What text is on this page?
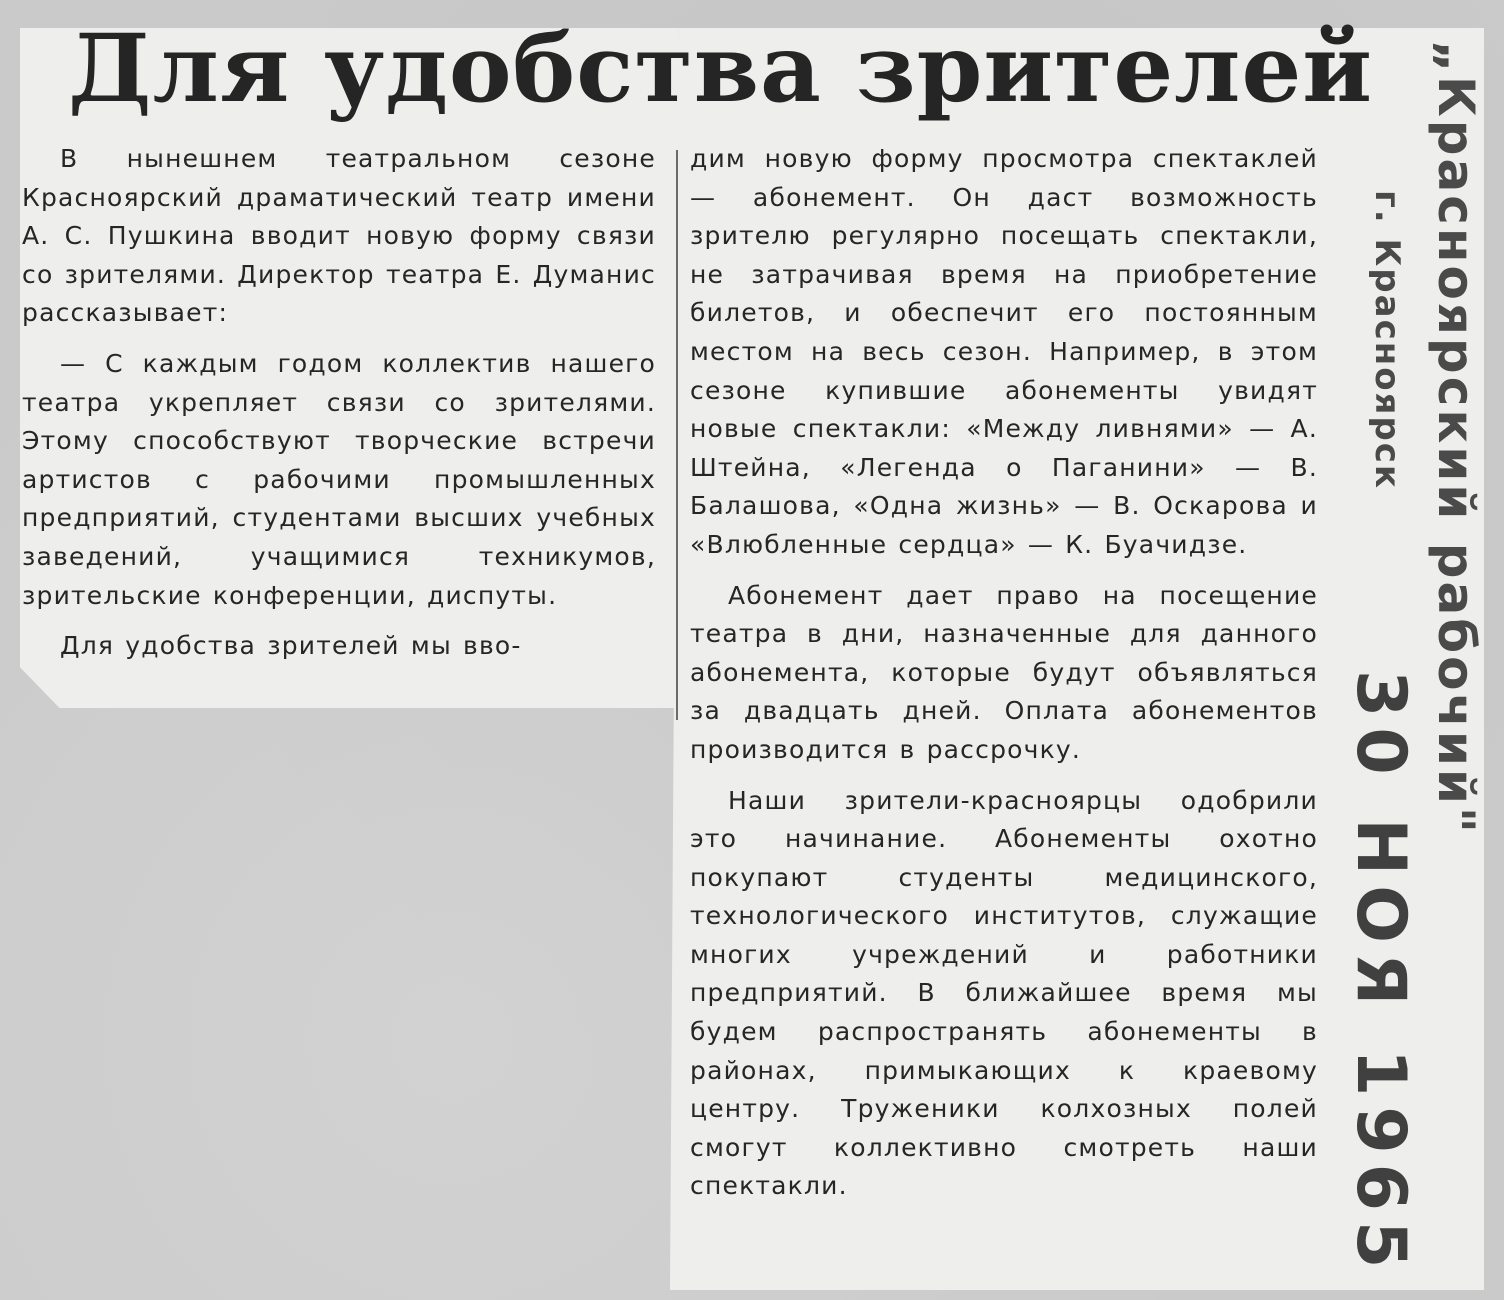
Для удобства зрителей

В нынешнем театральном сезоне Красноярский драматический театр имени А. С. Пушкина вводит новую форму связи со зрителями. Директор театра Е. Думанис рассказывает:

— С каждым годом коллектив нашего театра укрепляет связи со зрителями. Этому способствуют творческие встречи артистов с рабочими промышленных предприятий, студентами высших учебных заведений, учащимися техникумов, зрительские конференции, диспуты.

Для удобства зрителей мы вво-

дим новую форму просмотра спектаклей — абонемент. Он даст возможность зрителю регулярно посещать спектакли, не затрачивая время на приобретение билетов, и обеспечит его постоянным местом на весь сезон. Например, в этом сезоне купившие абонементы увидят новые спектакли: «Между ливнями» — А. Штейна, «Легенда о Паганини» — В. Балашова, «Одна жизнь» — В. Оскарова и «Влюбленные сердца» — К. Буачидзе.

Абонемент дает право на посещение театра в дни, назначенные для данного абонемента, которые будут объявляться за двадцать дней. Оплата абонементов производится в рассрочку.

Наши зрители-красноярцы одобрили это начинание. Абонементы охотно покупают студенты медицинского, технологического институтов, служащие многих учреждений и работники предприятий. В ближайшее время мы будем распространять абонементы в районах, примыкающих к краевому центру. Труженики колхозных полей смогут коллективно смотреть наши спектакли.

„Красноярский рабочий"
г. Красноярск
30 НОЯ 1965
